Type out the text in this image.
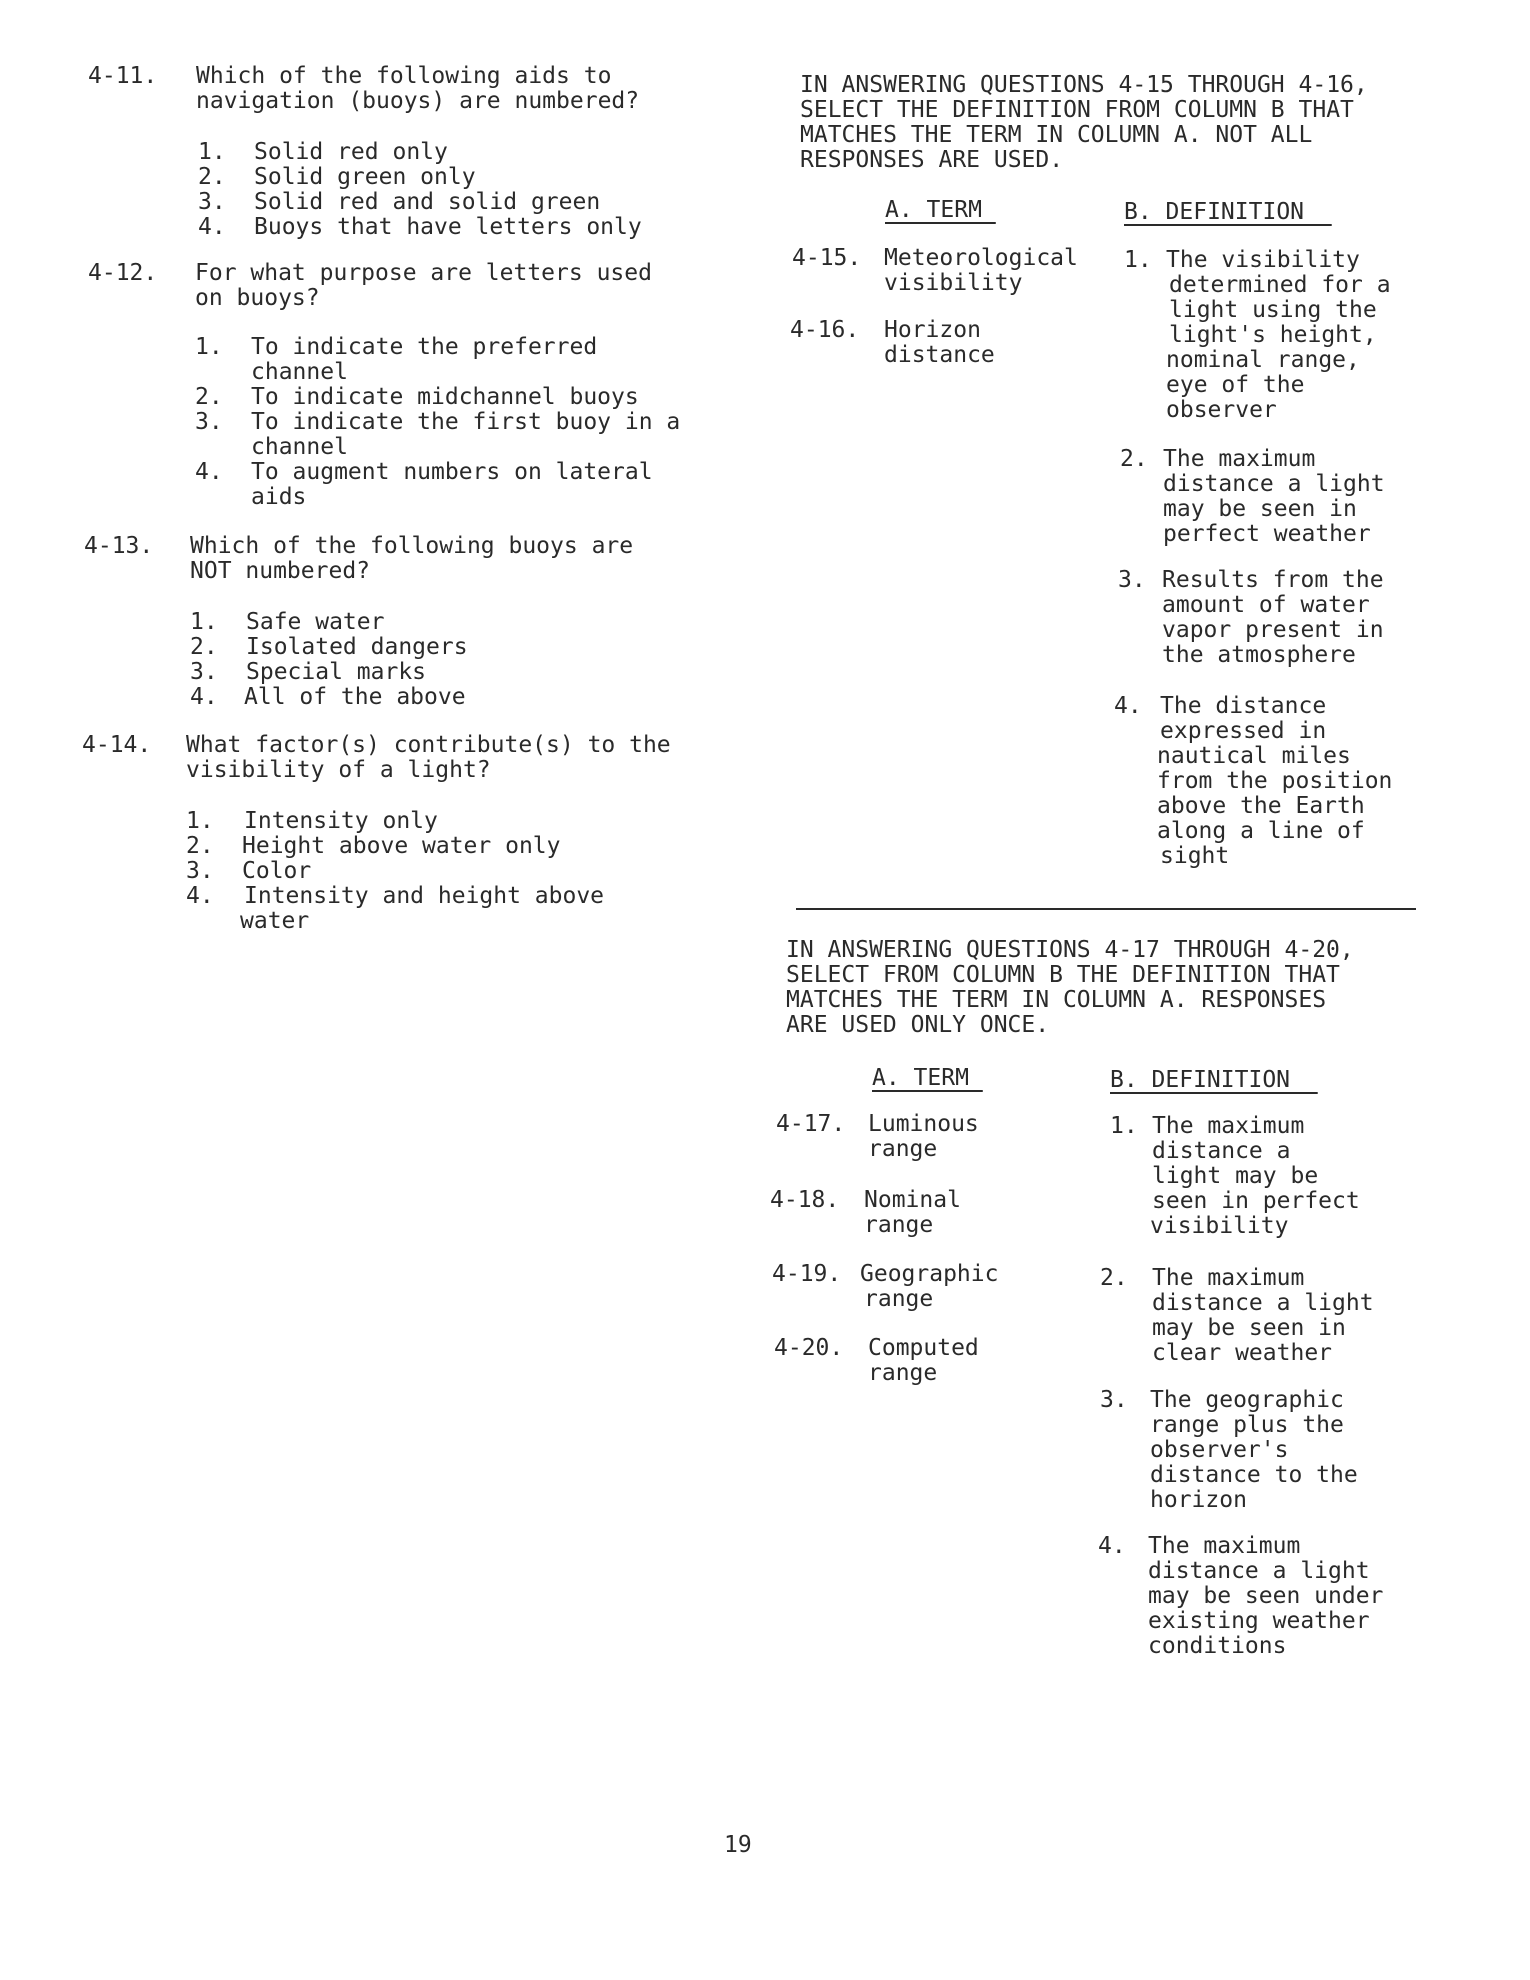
4-11. Which of the following aids to
navigation (buoys) are numbered?
1. Solid red only
2. Solid green only
3. Solid red and solid green
4. Buoys that have letters only
4-12. For what purpose are letters used
on buoys?
1. To indicate the preferred
channel
2. To indicate midchannel buoys
3. To indicate the first buoy in a
channel
4. To augment numbers on lateral
aids
4-13. Which of the following buoys are
NOT numbered?
1. Safe water
2. Isolated dangers
3. Special marks
4. All of the above
4-14. What factor(s) contribute(s) to the
visibility of a light?
1. Intensity only
2. Height above water only
3. Color
4. Intensity and height above
water
IN ANSWERING QUESTIONS 4-15 THROUGH 4-16,
SELECT THE DEFINITION FROM COLUMN B THAT
MATCHES THE TERM IN COLUMN A. NOT ALL
RESPONSES ARE USED.
A. TERM	B. DEFINITION
4-15. Meteorological
visibility
4-16. Horizon
distance
1. The visibility
determined for a
light using the
light's height,
nominal range,
eye of the
observer
2. The maximum
distance a light
may be seen in
perfect weather
3. Results from the
amount of water
vapor present in
the atmosphere
4. The distance
expressed in
nautical miles
from the position
above the Earth
along a line of
sight
IN ANSWERING QUESTIONS 4-17 THROUGH 4-20,
SELECT FROM COLUMN B THE DEFINITION THAT
MATCHES THE TERM IN COLUMN A. RESPONSES
ARE USED ONLY ONCE.
A. TERM	B. DEFINITION
4-17. Luminous
range
4-18. Nominal
range
4-19. Geographic
range
4-20. Computed
range
1. The maximum
distance a
light may be
seen in perfect
visibility
2. The maximum
distance a light
may be seen in
clear weather
3. The geographic
range plus the
observer's
distance to the
horizon
4. The maximum
distance a light
may be seen under
existing weather
conditions
19
